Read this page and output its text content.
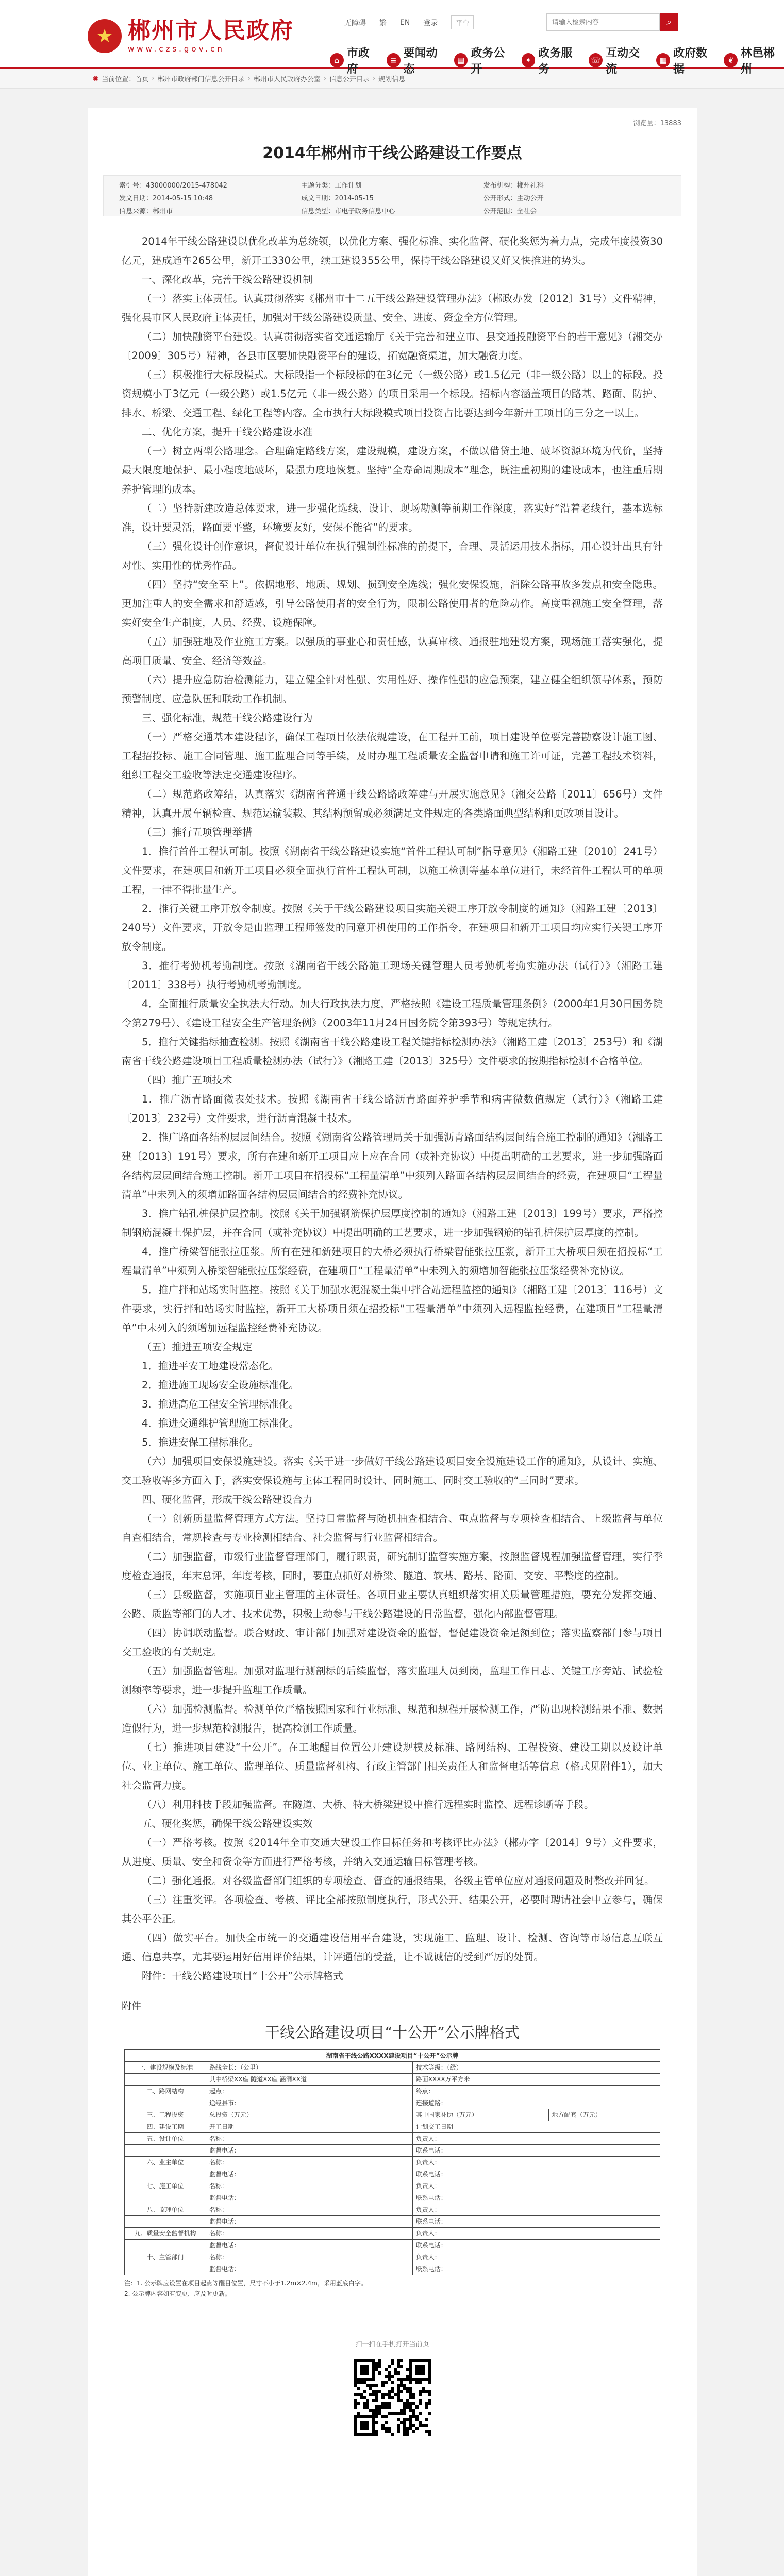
★ 郴州市人民政府
www.czs.gov.cn
无障碍 繁 EN 登录	平台
请输入检索内容	⌕
⌂
市政府
≡
要闻动态
▤
政务公开
✦
政务服务
☏
互动交流
▦
政府数据
❦
林邑郴州
◉ 当前位置： 首页 › 郴州市政府部门信息公开目录 › 郴州市人民政府办公室 › 信息公开目录 › 规划信息
浏览量：13883
2014年郴州市干线公路建设工作要点
索引号：43000000/2015-478042	主题分类：工作计划	发布机构：郴州社科
发文日期：2014-05-15 10:48	成文日期：2014-05-15	公开形式：主动公开
信息来源：郴州市	信息类型：市电子政务信息中心	公开范围：全社会

2014年干线公路建设以优化改革为总统领，以优化方案、强化标准、实化监督、硬化奖惩为着力点，完成年度投资30亿元，建成通车265公里，新开工330公里，续工建设355公里，保持干线公路建设又好又快推进的势头。

一、深化改革，完善干线公路建设机制

（一）落实主体责任。认真贯彻落实《郴州市十二五干线公路建设管理办法》（郴政办发〔2012〕31号）文件精神，强化县市区人民政府主体责任，加强对干线公路建设质量、安全、进度、资金全方位管理。

（二）加快融资平台建设。认真贯彻落实省交通运输厅《关于完善和建立市、县交通投融资平台的若干意见》（湘交办〔2009〕305号）精神，各县市区要加快融资平台的建设，拓宽融资渠道，加大融资力度。

（三）积极推行大标段模式。大标段指一个标段标的在3亿元（一级公路）或1.5亿元（非一级公路）以上的标段。投资规模小于3亿元（一级公路）或1.5亿元（非一级公路）的项目采用一个标段。招标内容涵盖项目的路基、路面、防护、排水、桥梁、交通工程、绿化工程等内容。全市执行大标段模式项目投资占比要达到今年新开工项目的三分之一以上。

二、优化方案，提升干线公路建设水准

（一）树立两型公路理念。合理确定路线方案，建设规模，建设方案，不做以借贷土地、破坏资源环境为代价，坚持最大限度地保护、最小程度地破坏，最强力度地恢复。坚持“全寿命周期成本”理念，既注重初期的建设成本，也注重后期养护管理的成本。

（二）坚持新建改造总体要求，进一步强化选线、设计、现场勘测等前期工作深度，落实好“沿着老线行，基本选标准，设计要灵活，路面要平整，环境要友好，安保不能省”的要求。

（三）强化设计创作意识，督促设计单位在执行强制性标准的前提下，合理、灵活运用技术指标，用心设计出具有针对性、实用性的优秀作品。

（四）坚持“安全至上”。依据地形、地质、规划、损到安全选线；强化安保设施，消除公路事故多发点和安全隐患。更加注重人的安全需求和舒适感，引导公路使用者的安全行为，限制公路使用者的危险动作。高度重视施工安全管理，落实好安全生产制度，人员、经费、设施保障。

（五）加强驻地及作业施工方案。以强质的事业心和责任感，认真审核、通报驻地建设方案，现场施工落实强化，提高项目质量、安全、经济等效益。

（六）提升应急防治检测能力，建立健全针对性强、实用性好、操作性强的应急预案，建立健全组织领导体系，预防预警制度、应急队伍和联动工作机制。

三、强化标准，规范干线公路建设行为

（一）严格交通基本建设程序，确保工程项目依法依规建设，在工程开工前，项目建设单位要完善勘察设计施工图、工程招投标、施工合同管理、施工监理合同等手续，及时办理工程质量安全监督申请和施工许可证，完善工程技术资料，组织工程交工验收等法定交通建设程序。

（二）规范路政筹结，认真落实《湖南省普通干线公路路政筹建与开展实施意见》（湘交公路〔2011〕656号）文件精神，认真开展车辆检查、规范运输装载、其结构预留或必须满足文件规定的各类路面典型结构和更改项目设计。

（三）推行五项管理举措

1．推行首件工程认可制。按照《湖南省干线公路建设实施“首件工程认可制”指导意见》（湘路工建〔2010〕241号）文件要求，在建项目和新开工项目必须全面执行首件工程认可制，以施工检测等基本单位进行，未经首件工程认可的单项工程，一律不得批量生产。

2．推行关键工序开放令制度。按照《关于干线公路建设项目实施关键工序开放令制度的通知》（湘路工建〔2013〕240号）文件要求，开放令是由监理工程师签发的同意开机使用的工作指令，在建项目和新开工项目均应实行关键工序开放令制度。

3．推行考勤机考勤制度。按照《湖南省干线公路施工现场关键管理人员考勤机考勤实施办法（试行）》（湘路工建〔2011〕338号）执行考勤机考勤制度。

4．全面推行质量安全执法大行动。加大行政执法力度，严格按照《建设工程质量管理条例》（2000年1月30日国务院令第279号）、《建设工程安全生产管理条例》（2003年11月24日国务院令第393号）等规定执行。

5．推行关键指标抽查检测。按照《湖南省干线公路建设工程关键指标检测办法》（湘路工建〔2013〕253号）和《湖南省干线公路建设项目工程质量检测办法（试行）》（湘路工建〔2013〕325号）文件要求的按期指标检测不合格单位。

（四）推广五项技术

1．推广沥青路面微表处技术。按照《湖南省干线公路沥青路面养护季节和病害微数值规定（试行）》（湘路工建〔2013〕232号）文件要求，进行沥青混凝土技术。

2．推广路面各结构层层间结合。按照《湖南省公路管理局关于加强沥青路面结构层间结合施工控制的通知》（湘路工建〔2013〕191号）要求，所有在建和新开工项目应上应在合同（或补充协议）中提出明确的工艺要求，进一步加强路面各结构层层间结合施工控制。新开工项目在招投标“工程量清单”中须列入路面各结构层层间结合的经费，在建项目“工程量清单”中未列入的须增加路面各结构层层间结合的经费补充协议。

3．推广钻孔桩保护层控制。按照《关于加强钢筋保护层厚度控制的通知》（湘路工建〔2013〕199号）要求，严格控制钢筋混凝土保护层，并在合同（或补充协议）中提出明确的工艺要求，进一步加强钢筋的钻孔桩保护层厚度的控制。

4．推广桥梁智能张拉压浆。所有在建和新建项目的大桥必须执行桥梁智能张拉压浆，新开工大桥项目须在招投标“工程量清单”中须列入桥梁智能张拉压浆经费，在建项目“工程量清单”中未列入的须增加智能张拉压浆经费补充协议。

5．推广拌和站场实时监控。按照《关于加强水泥混凝土集中拌合站远程监控的通知》（湘路工建〔2013〕116号）文件要求，实行拌和站场实时监控，新开工大桥项目须在招投标“工程量清单”中须列入远程监控经费，在建项目“工程量清单”中未列入的须增加远程监控经费补充协议。

（五）推进五项安全规定

1．推进平安工地建设常态化。

2．推进施工现场安全设施标准化。

3．推进高危工程安全管理标准化。

4．推进交通维护管理施工标准化。

5．推进安保工程标准化。

（六）加强项目安保设施建设。落实《关于进一步做好干线公路建设项目安全设施建设工作的通知》，从设计、实施、交工验收等多方面入手，落实安保设施与主体工程同时设计、同时施工、同时交工验收的“三同时”要求。

四、硬化监督，形成干线公路建设合力

（一）创新质量监督管理方式方法。坚持日常监督与随机抽查相结合、重点监督与专项检查相结合、上级监督与单位自查相结合，常规检查与专业检测相结合、社会监督与行业监督相结合。

（二）加强监督，市级行业监督管理部门，履行职责，研究制订监管实施方案，按照监督规程加强监督管理，实行季度检查通报，年末总评，年度考核，同时，要重点抓好对桥梁、隧道、软基、路基、路面、交安、平整度的控制。

（三）县级监督，实施项目业主管理的主体责任。各项目业主要认真组织落实相关质量管理措施，要充分发挥交通、公路、质监等部门的人才、技术优势，积极上动参与干线公路建设的日常监督，强化内部监督管理。

（四）协调联动监督。联合财政、审计部门加强对建设资金的监督，督促建设资金足额到位；落实监察部门参与项目交工验收的有关规定。

（五）加强监督管理。加强对监理行测剖标的后续监督，落实监理人员到岗，监理工作日志、关键工序旁站、试验检测频率等要求，进一步提升监理工作质量。

（六）加强检测监督。检测单位严格按照国家和行业标准、规范和规程开展检测工作，严防出现检测结果不准、数据造假行为，进一步规范检测报告，提高检测工作质量。

（七）推进项目建设“十公开”。在工地醒目位置公开建设规模及标准、路网结构、工程投资、建设工期以及设计单位、业主单位、施工单位、监理单位、质量监督机构、行政主管部门相关责任人和监督电话等信息（格式见附件1），加大社会监督力度。

（八）利用科技手段加强监督。在隧道、大桥、特大桥梁建设中推行远程实时监控、远程诊断等手段。

五、硬化奖惩，确保干线公路建设实效

（一）严格考核。按照《2014年全市交通大建设工作目标任务和考核评比办法》（郴办字〔2014〕9号）文件要求，从进度、质量、安全和资金等方面进行严格考核，并纳入交通运输目标管理考核。

（二）强化通报。对各级监督部门组织的专项检查、督查的通报结果，各级主管单位应对通报问题及时整改并回复。

（三）注重奖评。各项检查、考核、评比全部按照制度执行，形式公开、结果公开，必要时聘请社会中立参与，确保其公平公正。

（四）做实平台。加快全市统一的交通建设信用平台建设，实现施工、监理、设计、检测、咨询等市场信息互联互通、信息共享，尤其要运用好信用评价结果，计评通信的受益，让不诚诚信的受到严厉的处罚。

附件：干线公路建设项目“十公开”公示牌格式

附件
干线公路建设项目“十公开”公示牌格式
湖南省干线公路XXXX建设项目“十公开”公示牌			
一、建设规模及标准	路线全长：（公里）	技术等级：（级）	
	其中桥梁XX座 隧道XX座 涵洞XX道	路面XXXX万平方米	
二、路网结构	起点：	终点：	
	途经县市：	连接道路：	
三、工程投资	总投资（万元）	其中国家补助（万元）	地方配套（万元）
四、建设工期	开工日期	计划交工日期	
五、设计单位	名称：	负责人：	
	监督电话：	联系电话：	
六、业主单位	名称：	负责人：	
	监督电话：	联系电话：	
七、施工单位	名称：	负责人：	
	监督电话：	联系电话：	
八、监理单位	名称：	负责人：	
	监督电话：	联系电话：	
九、质量安全监督机构	名称：	负责人：	
	监督电话：	联系电话：	
十、主管部门	名称：	负责人：	
	监督电话：	联系电话：	
注：1. 公示牌应设置在项目起点等醒目位置，尺寸不小于1.2m×2.4m，采用蓝底白字。
2. 公示牌内容如有变更，应及时更新。
扫一扫在手机打开当前页
